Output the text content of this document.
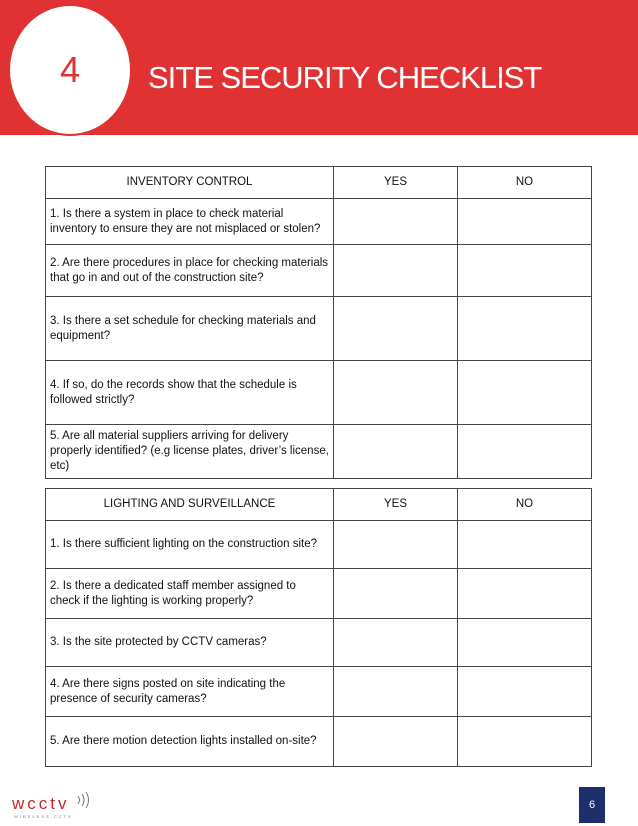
4 SITE SECURITY CHECKLIST
INVENTORY CONTROL	YES	NO
1. Is there a system in place to check material inventory to ensure they are not misplaced or stolen?		
2. Are there procedures in place for checking materials that go in and out of the construction site?		
3. Is there a set schedule for checking materials and equipment?		
4. If so, do the records show that the schedule is followed strictly?		
5. Are all material suppliers arriving for delivery properly identified? (e.g license plates, driver’s license, etc)		
LIGHTING AND SURVEILLANCE	YES	NO
1. Is there sufficient lighting on the construction site?		
2. Is there a dedicated staff member assigned to check if the lighting is working properly?		
3. Is the site protected by CCTV cameras?		
4. Are there signs posted on site indicating the presence of security cameras?		
5. Are there motion detection lights installed on-site?		
wcctv
WIRELESS CCTV
6
